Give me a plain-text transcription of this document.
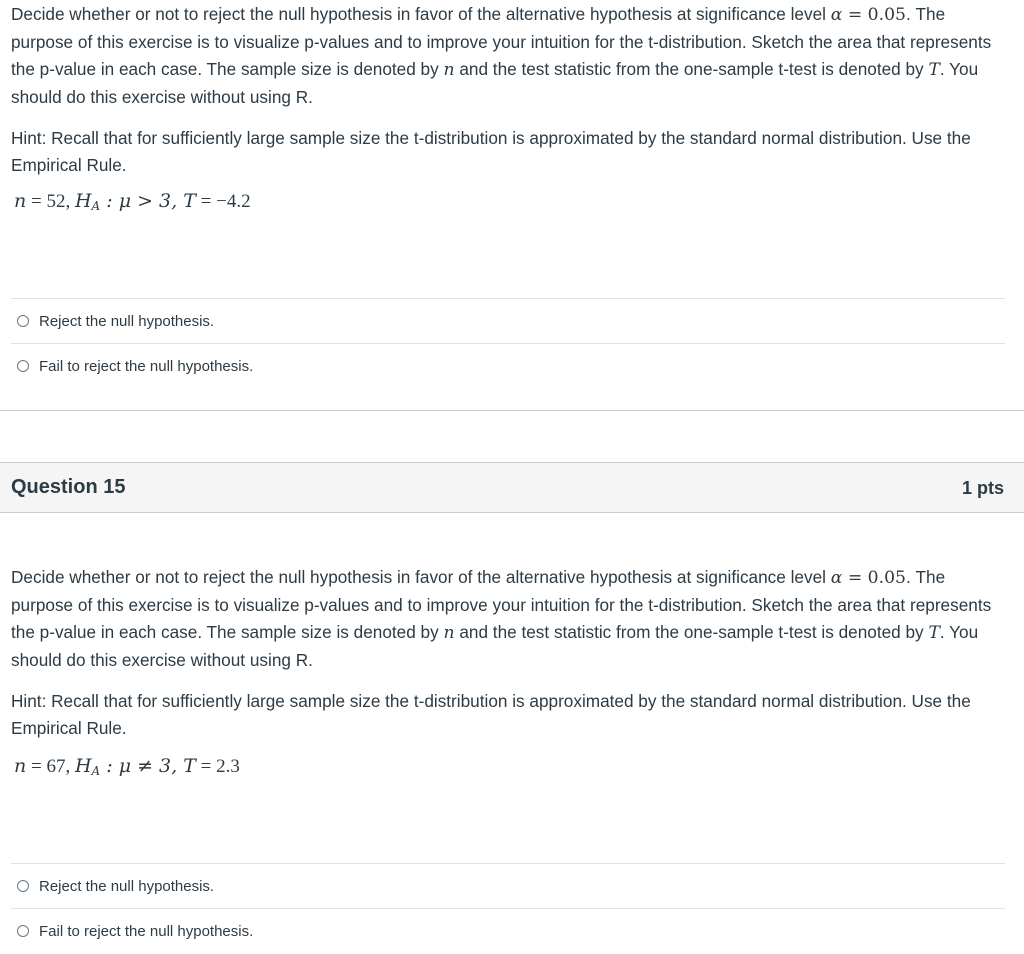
Decide whether or not to reject the null hypothesis in favor of the alternative hypothesis at significance level α = 0.05. The purpose of this exercise is to visualize p-values and to improve your intuition for the t-distribution. Sketch the area that represents the p-value in each case. The sample size is denoted by n and the test statistic from the one-sample t-test is denoted by T. You should do this exercise without using R.

Hint: Recall that for sufficiently large sample size the t-distribution is approximated by the standard normal distribution. Use the Empirical Rule.

n = 52, $H_A$ : μ > 3, T = −4.2
Reject the null hypothesis.
Fail to reject the null hypothesis.
Question 15	1 pts

Decide whether or not to reject the null hypothesis in favor of the alternative hypothesis at significance level α = 0.05. The purpose of this exercise is to visualize p-values and to improve your intuition for the t-distribution. Sketch the area that represents the p-value in each case. The sample size is denoted by n and the test statistic from the one-sample t-test is denoted by T. You should do this exercise without using R.

Hint: Recall that for sufficiently large sample size the t-distribution is approximated by the standard normal distribution. Use the Empirical Rule.

n = 67, $H_A$ : μ ≠ 3, T = 2.3
Reject the null hypothesis.
Fail to reject the null hypothesis.
